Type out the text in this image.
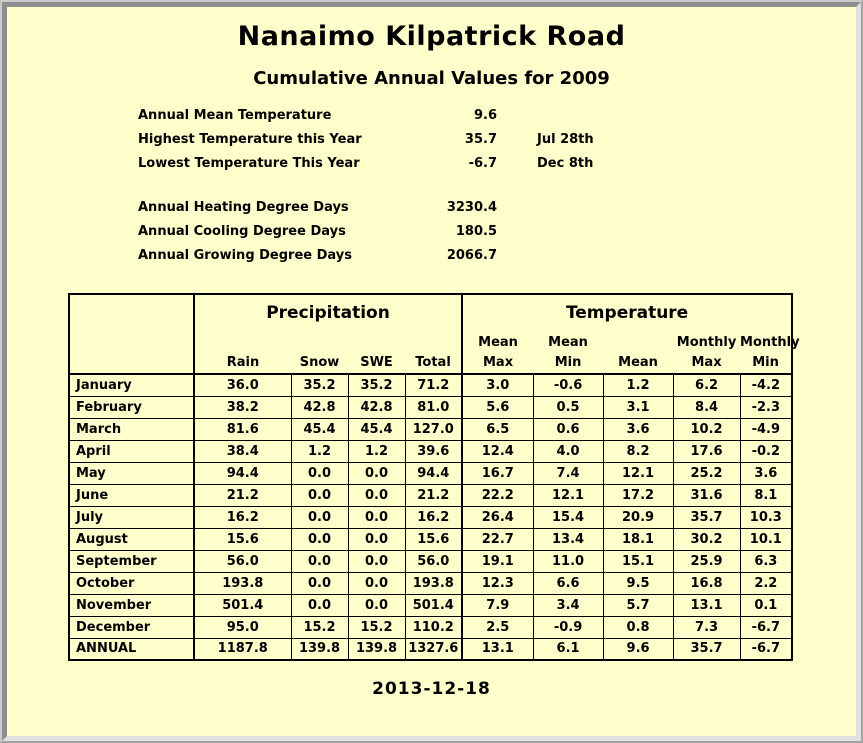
Nanaimo Kilpatrick Road
Cumulative Annual Values for 2009
Annual Mean Temperature	9.6
Highest Temperature this Year	35.7	Jul 28th
Lowest Temperature This Year	-6.7	Dec 8th
Annual Heating Degree Days	3230.4
Annual Cooling Degree Days	180.5
Annual Growing Degree Days	2066.7
	Precipitation				Temperature				
					Mean	Mean		Monthly	Monthly
	Rain	Snow	SWE	Total	Max	Min	Mean	Max	Min
January	36.0	35.2	35.2	71.2	3.0	-0.6	1.2	6.2	-4.2
February	38.2	42.8	42.8	81.0	5.6	0.5	3.1	8.4	-2.3
March	81.6	45.4	45.4	127.0	6.5	0.6	3.6	10.2	-4.9
April	38.4	1.2	1.2	39.6	12.4	4.0	8.2	17.6	-0.2
May	94.4	0.0	0.0	94.4	16.7	7.4	12.1	25.2	3.6
June	21.2	0.0	0.0	21.2	22.2	12.1	17.2	31.6	8.1
July	16.2	0.0	0.0	16.2	26.4	15.4	20.9	35.7	10.3
August	15.6	0.0	0.0	15.6	22.7	13.4	18.1	30.2	10.1
September	56.0	0.0	0.0	56.0	19.1	11.0	15.1	25.9	6.3
October	193.8	0.0	0.0	193.8	12.3	6.6	9.5	16.8	2.2
November	501.4	0.0	0.0	501.4	7.9	3.4	5.7	13.1	0.1
December	95.0	15.2	15.2	110.2	2.5	-0.9	0.8	7.3	-6.7
ANNUAL	1187.8	139.8	139.8	1327.6	13.1	6.1	9.6	35.7	-6.7
2013-12-18
